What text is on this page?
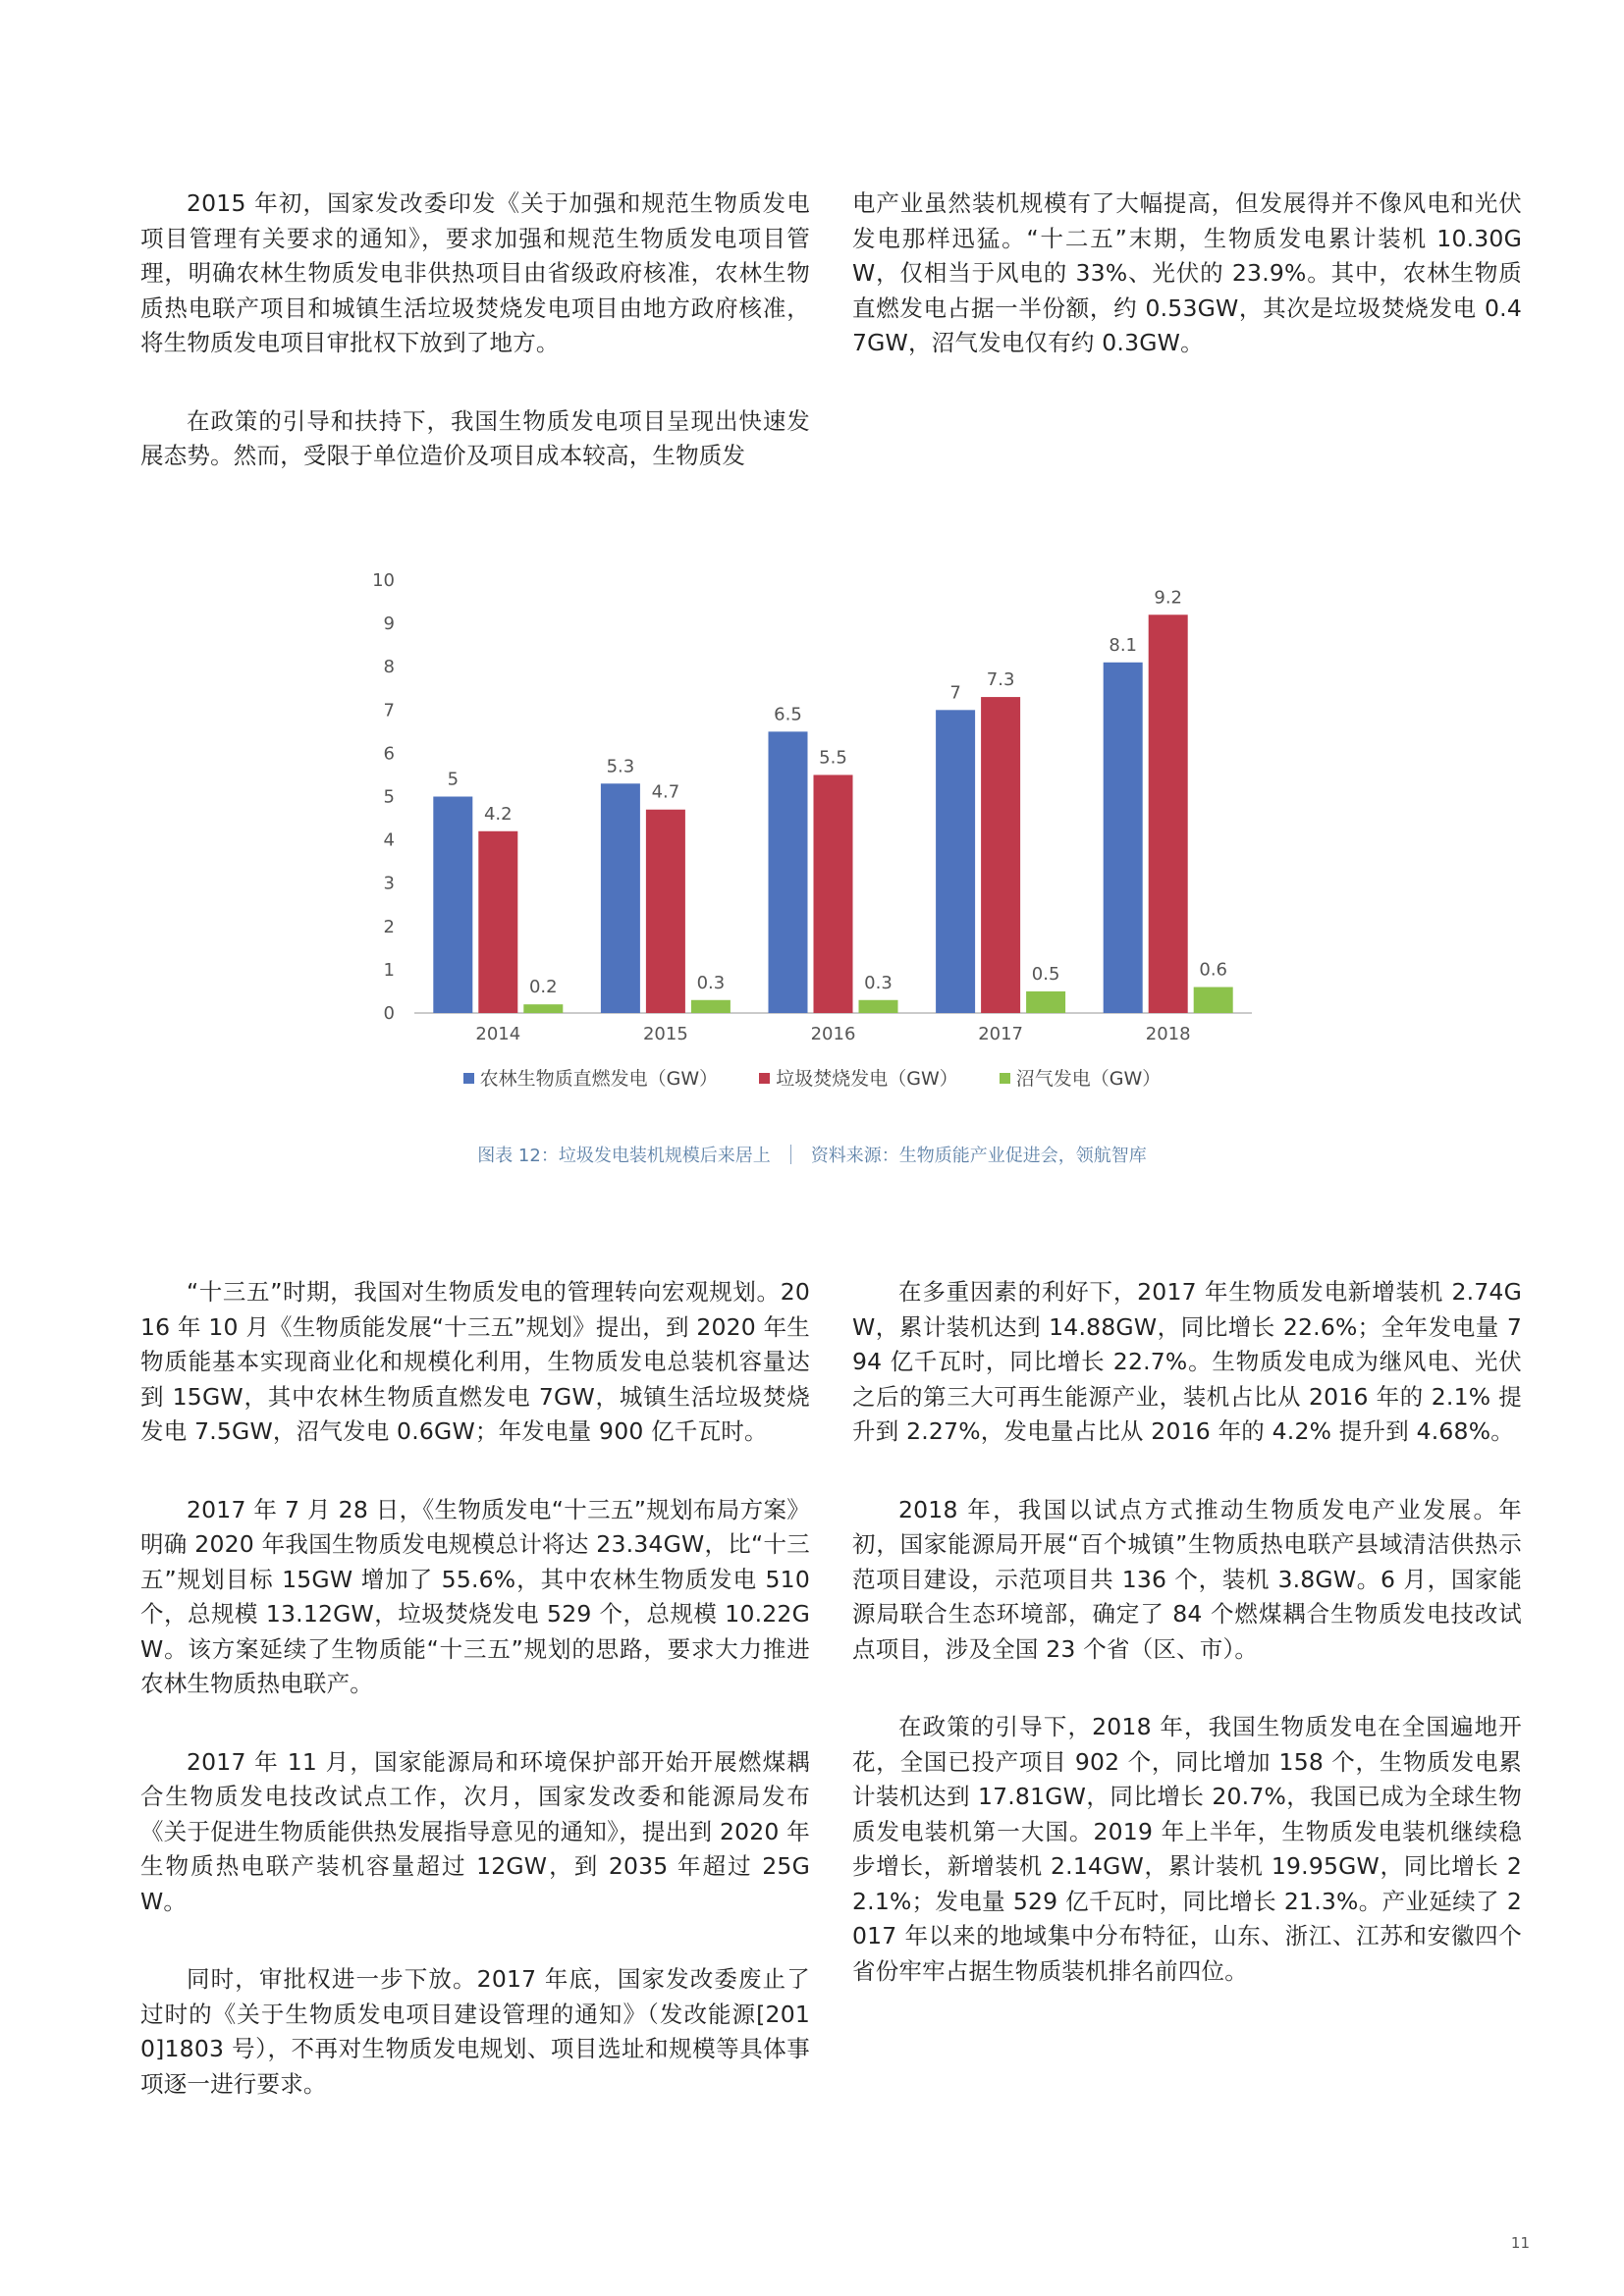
2015 年初，国家发改委印发《关于加强和规范生物质发电项目管理有关要求的通知》，要求加强和规范生物质发电项目管理，明确农林生物质发电非供热项目由省级政府核准，农林生物质热电联产项目和城镇生活垃圾焚烧发电项目由地方政府核准，将生物质发电项目审批权下放到了地方。

在政策的引导和扶持下，我国生物质发电项目呈现出快速发展态势。然而，受限于单位造价及项目成本较高，生物质发

电产业虽然装机规模有了大幅提高，但发展得并不像风电和光伏发电那样迅猛。“十二五”末期，生物质发电累计装机 10.30GW，仅相当于风电的 33%、光伏的 23.9%。其中，农林生物质直燃发电占据一半份额，约 0.53GW，其次是垃圾焚烧发电 0.47GW，沼气发电仅有约 0.3GW。

0
1
2
3
4
5
6
7
8
9
10
5
4.2
0.2
2014
5.3
4.7
0.3
2015
6.5
5.5
0.3
2016
7
7.3
0.5
2017
8.1
9.2
0.6
2018
农林生物质直燃发电（GW）	垃圾焚烧发电（GW）	沼气发电（GW）
图表 12：垃圾发电装机规模后来居上 资料来源：生物质能产业促进会，领航智库

“十三五”时期，我国对生物质发电的管理转向宏观规划。2016 年 10 月《生物质能发展“十三五”规划》提出，到 2020 年生物质能基本实现商业化和规模化利用，生物质发电总装机容量达到 15GW，其中农林生物质直燃发电 7GW，城镇生活垃圾焚烧发电 7.5GW，沼气发电 0.6GW；年发电量 900 亿千瓦时。

2017 年 7 月 28 日，《生物质发电“十三五”规划布局方案》明确 2020 年我国生物质发电规模总计将达 23.34GW，比“十三五”规划目标 15GW 增加了 55.6%，其中农林生物质发电 510 个，总规模 13.12GW，垃圾焚烧发电 529 个，总规模 10.22GW。该方案延续了生物质能“十三五”规划的思路，要求大力推进农林生物质热电联产。

2017 年 11 月，国家能源局和环境保护部开始开展燃煤耦合生物质发电技改试点工作，次月，国家发改委和能源局发布《关于促进生物质能供热发展指导意见的通知》，提出到 2020 年生物质热电联产装机容量超过 12GW，到 2035 年超过 25GW。

同时，审批权进一步下放。2017 年底，国家发改委废止了过时的《关于生物质发电项目建设管理的通知》（发改能源[2010]1803 号），不再对生物质发电规划、项目选址和规模等具体事项逐一进行要求。

在多重因素的利好下，2017 年生物质发电新增装机 2.74GW，累计装机达到 14.88GW，同比增长 22.6%；全年发电量 794 亿千瓦时，同比增长 22.7%。生物质发电成为继风电、光伏之后的第三大可再生能源产业，装机占比从 2016 年的 2.1% 提升到 2.27%，发电量占比从 2016 年的 4.2% 提升到 4.68%。

2018 年，我国以试点方式推动生物质发电产业发展。年初，国家能源局开展“百个城镇”生物质热电联产县域清洁供热示范项目建设，示范项目共 136 个，装机 3.8GW。6 月，国家能源局联合生态环境部，确定了 84 个燃煤耦合生物质发电技改试点项目，涉及全国 23 个省（区、市）。

在政策的引导下，2018 年，我国生物质发电在全国遍地开花，全国已投产项目 902 个，同比增加 158 个，生物质发电累计装机达到 17.81GW，同比增长 20.7%，我国已成为全球生物质发电装机第一大国。2019 年上半年，生物质发电装机继续稳步增长，新增装机 2.14GW，累计装机 19.95GW，同比增长 22.1%；发电量 529 亿千瓦时，同比增长 21.3%。产业延续了 2017 年以来的地域集中分布特征，山东、浙江、江苏和安徽四个省份牢牢占据生物质装机排名前四位。

11
